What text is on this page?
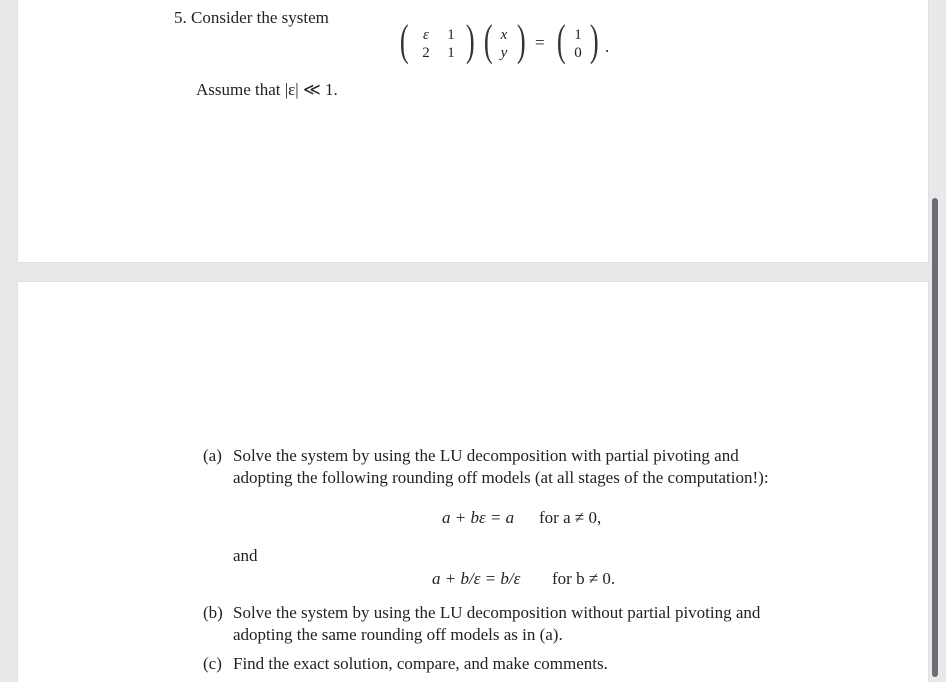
5. Consider the system ( ε 1
2 1 ) ( x
y ) = ( 1
0 ) .
Assume that |ε| ≪ 1.
(a) Solve the system by using the LU decomposition with partial pivoting and
adopting the following rounding off models (at all stages of the computation!):
a + bε = a for a ≠ 0,
and
a + b/ε = b/ε for b ≠ 0.
(b) Solve the system by using the LU decomposition without partial pivoting and
adopting the same rounding off models as in (a).
(c) Find the exact solution, compare, and make comments.
